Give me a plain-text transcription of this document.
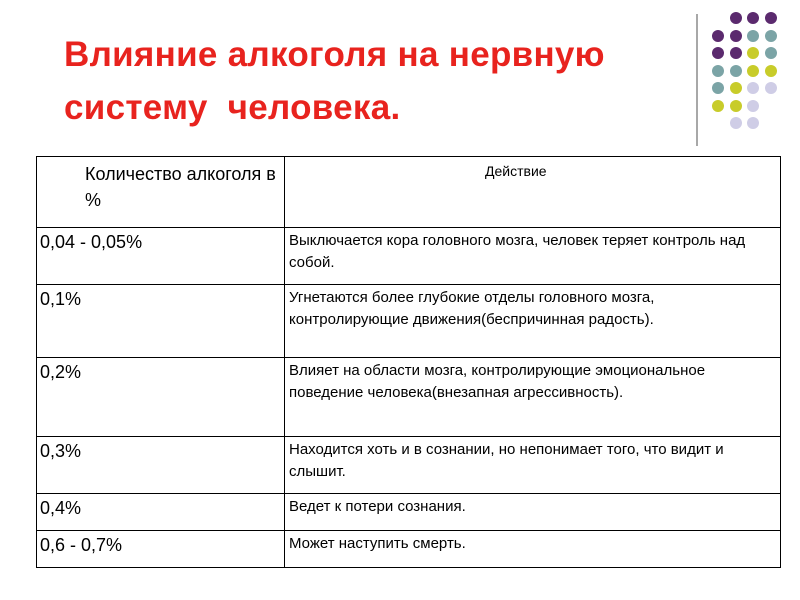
Влияние алкоголя на нервную
систему  человека.
Количество алкоголя в %	Действие
0,04 - 0,05%	Выключается кора головного мозга, человек теряет контроль над собой.
0,1%	Угнетаются более глубокие отделы головного мозга, контролирующие движения(беспричинная радость).
0,2%	Влияет на области мозга, контролирующие эмоциональное поведение человека(внезапная агрессивность).
0,3%	Находится хоть и в сознании, но непонимает того, что видит и слышит.
0,4%	Ведет к потери сознания.
0,6 - 0,7%	Может наступить смерть.
